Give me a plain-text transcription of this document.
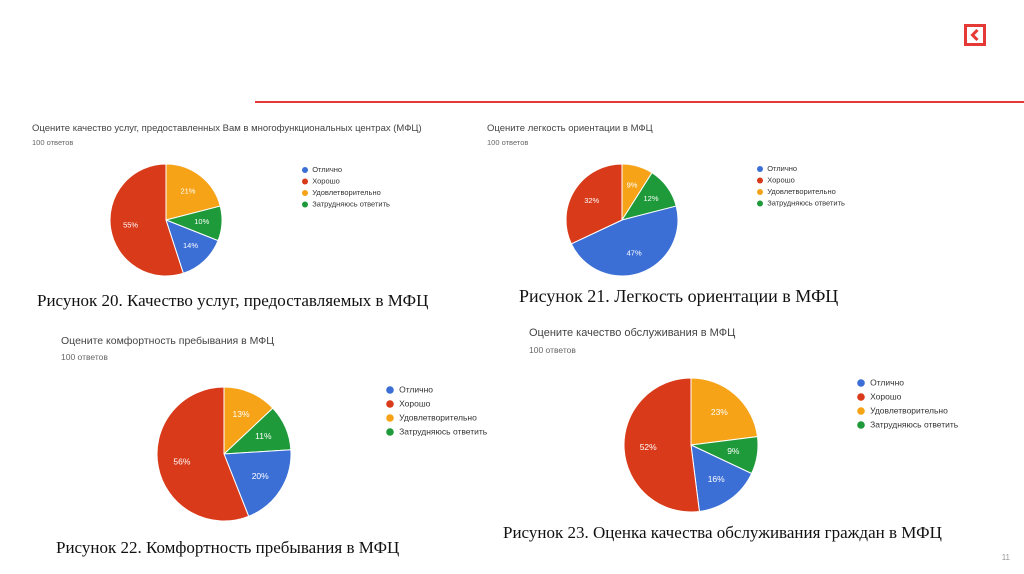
Оцените качество услуг, предоставленных Вам в многофункциональных центрах (МФЦ)
100 ответов
Рисунок 20. Качество услуг, предоставляемых в МФЦ
21%
10%
14%
55%
Отлично
Хорошо
Удовлетворительно
Затрудняюсь ответить
Оцените легкость ориентации в МФЦ
100 ответов
Рисунок 21. Легкость ориентации в МФЦ
9%
12%
47%
32%
Отлично
Хорошо
Удовлетворительно
Затрудняюсь ответить
Оцените комфортность пребывания в МФЦ
100 ответов
Рисунок 22. Комфортность пребывания в МФЦ
13%
11%
20%
56%
Отлично
Хорошо
Удовлетворительно
Затрудняюсь ответить
Оцените качество обслуживания в МФЦ
100 ответов
Рисунок 23. Оценка качества обслуживания граждан в МФЦ
23%
9%
16%
52%
Отлично
Хорошо
Удовлетворительно
Затрудняюсь ответить
11
